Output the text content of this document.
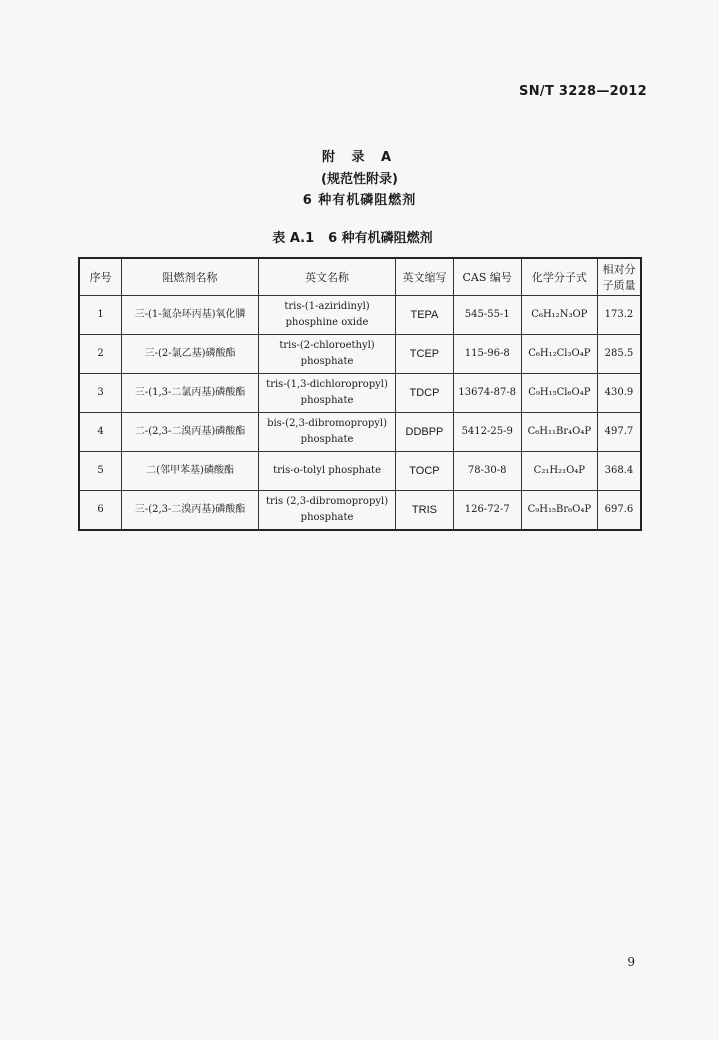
SN/T 3228—2012
附 录 A
(规范性附录)
6 种有机磷阻燃剂
表 A.1 6 种有机磷阻燃剂
序号	阻燃剂名称	英文名称	英文缩写	CAS 编号	化学分子式	相对分子质量
1	三-(1-氮杂环丙基)氧化膦	tris-(1-aziridinyl) phosphine oxide	TEPA	545-55-1	C₆H₁₂N₃OP	173.2
2	三-(2-氯乙基)磷酸酯	tris-(2-chloroethyl) phosphate	TCEP	115-96-8	C₆H₁₂Cl₃O₄P	285.5
3	三-(1,3-二氯丙基)磷酸酯	tris-(1,3-dichloropropyl) phosphate	TDCP	13674-87-8	C₉H₁₅Cl₆O₄P	430.9
4	二-(2,3-二溴丙基)磷酸酯	bis-(2,3-dibromopropyl) phosphate	DDBPP	5412-25-9	C₆H₁₁Br₄O₄P	497.7
5	二(邻甲苯基)磷酸酯	tris-o-tolyl phosphate	TOCP	78-30-8	C₂₁H₂₁O₄P	368.4
6	三-(2,3-二溴丙基)磷酸酯	tris (2,3-dibromopropyl) phosphate	TRIS	126-72-7	C₉H₁₅Br₆O₄P	697.6
9
